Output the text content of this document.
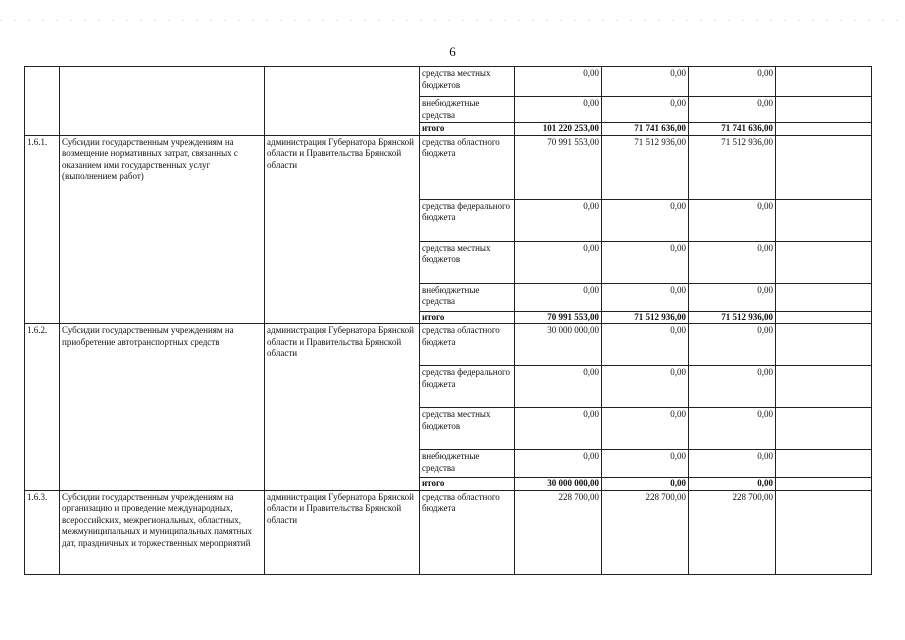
6
			средства местных бюджетов	0,00	0,00	0,00	
			внебюджетные средства	0,00	0,00	0,00	
			итого	101 220 253,00	71 741 636,00	71 741 636,00	
1.6.1.	Субсидии государственным учреждениям на возмещение нормативных затрат, связанных с оказанием ими государственных услуг (выполнением работ)	администрация Губернатора Брянской области и Правительства Брянской области	средства областного бюджета	70 991 553,00	71 512 936,00	71 512 936,00	
			средства федерального бюджета	0,00	0,00	0,00	
			средства местных бюджетов	0,00	0,00	0,00	
			внебюджетные средства	0,00	0,00	0,00	
			итого	70 991 553,00	71 512 936,00	71 512 936,00	
1.6.2.	Субсидии государственным учреждениям на приобретение автотранспортных средств	администрация Губернатора Брянской области и Правительства Брянской области	средства областного бюджета	30 000 000,00	0,00	0,00	
			средства федерального бюджета	0,00	0,00	0,00	
			средства местных бюджетов	0,00	0,00	0,00	
			внебюджетные средства	0,00	0,00	0,00	
			итого	30 000 000,00	0,00	0,00	
1.6.3.	Субсидии государственным учреждениям на организацию и проведение международных, всероссийских, межрегиональных, областных, межмуниципальных и муниципальных памятных дат, праздничных и торжественных мероприятий	администрация Губернатора Брянской области и Правительства Брянской области	средства областного бюджета	228 700,00	228 700,00	228 700,00	
